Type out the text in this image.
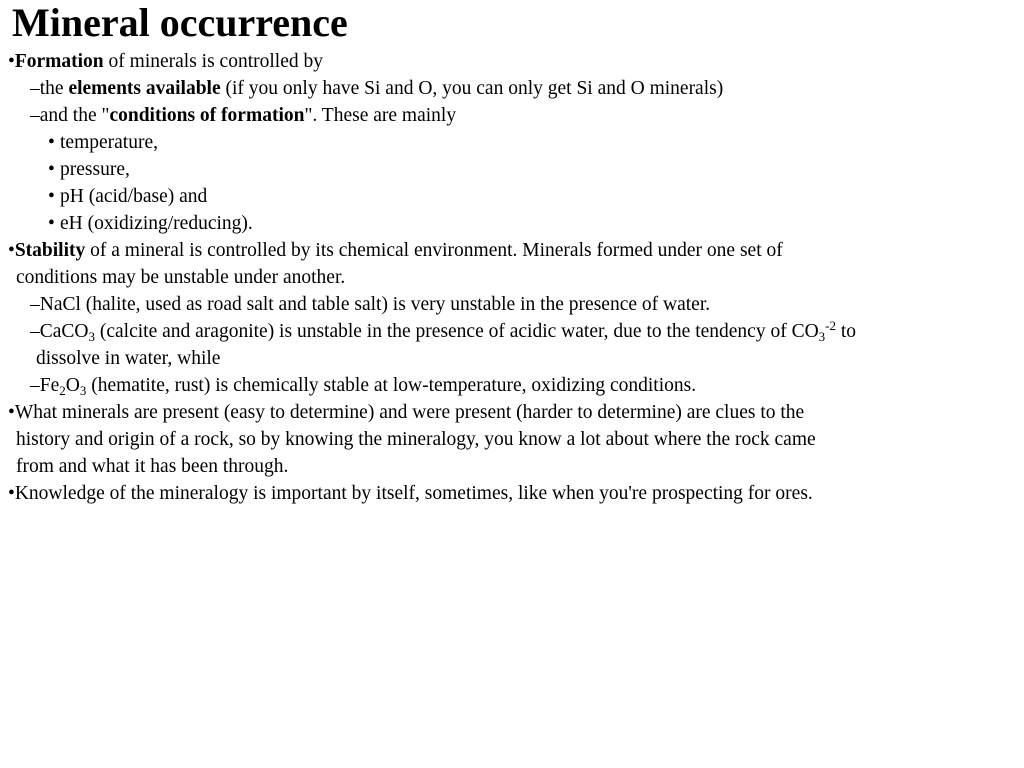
Mineral occurrence
•Formation of minerals is controlled by
–the elements available (if you only have Si and O, you can only get Si and O minerals)
–and the "conditions of formation". These are mainly
• temperature,
• pressure,
• pH (acid/base) and
• eH (oxidizing/reducing).
•Stability of a mineral is controlled by its chemical environment. Minerals formed under one set of
conditions may be unstable under another.
–NaCl (halite, used as road salt and table salt) is very unstable in the presence of water.
–CaCO$_3$ (calcite and aragonite) is unstable in the presence of acidic water, due to the tendency of $CO_3^{-2}$ to
dissolve in water, while
$-Fe_2O_3$ (hematite, rust) is chemically stable at low-temperature, oxidizing conditions.
•What minerals are present (easy to determine) and were present (harder to determine) are clues to the
history and origin of a rock, so by knowing the mineralogy, you know a lot about where the rock came
from and what it has been through.
•Knowledge of the mineralogy is important by itself, sometimes, like when you're prospecting for ores.
